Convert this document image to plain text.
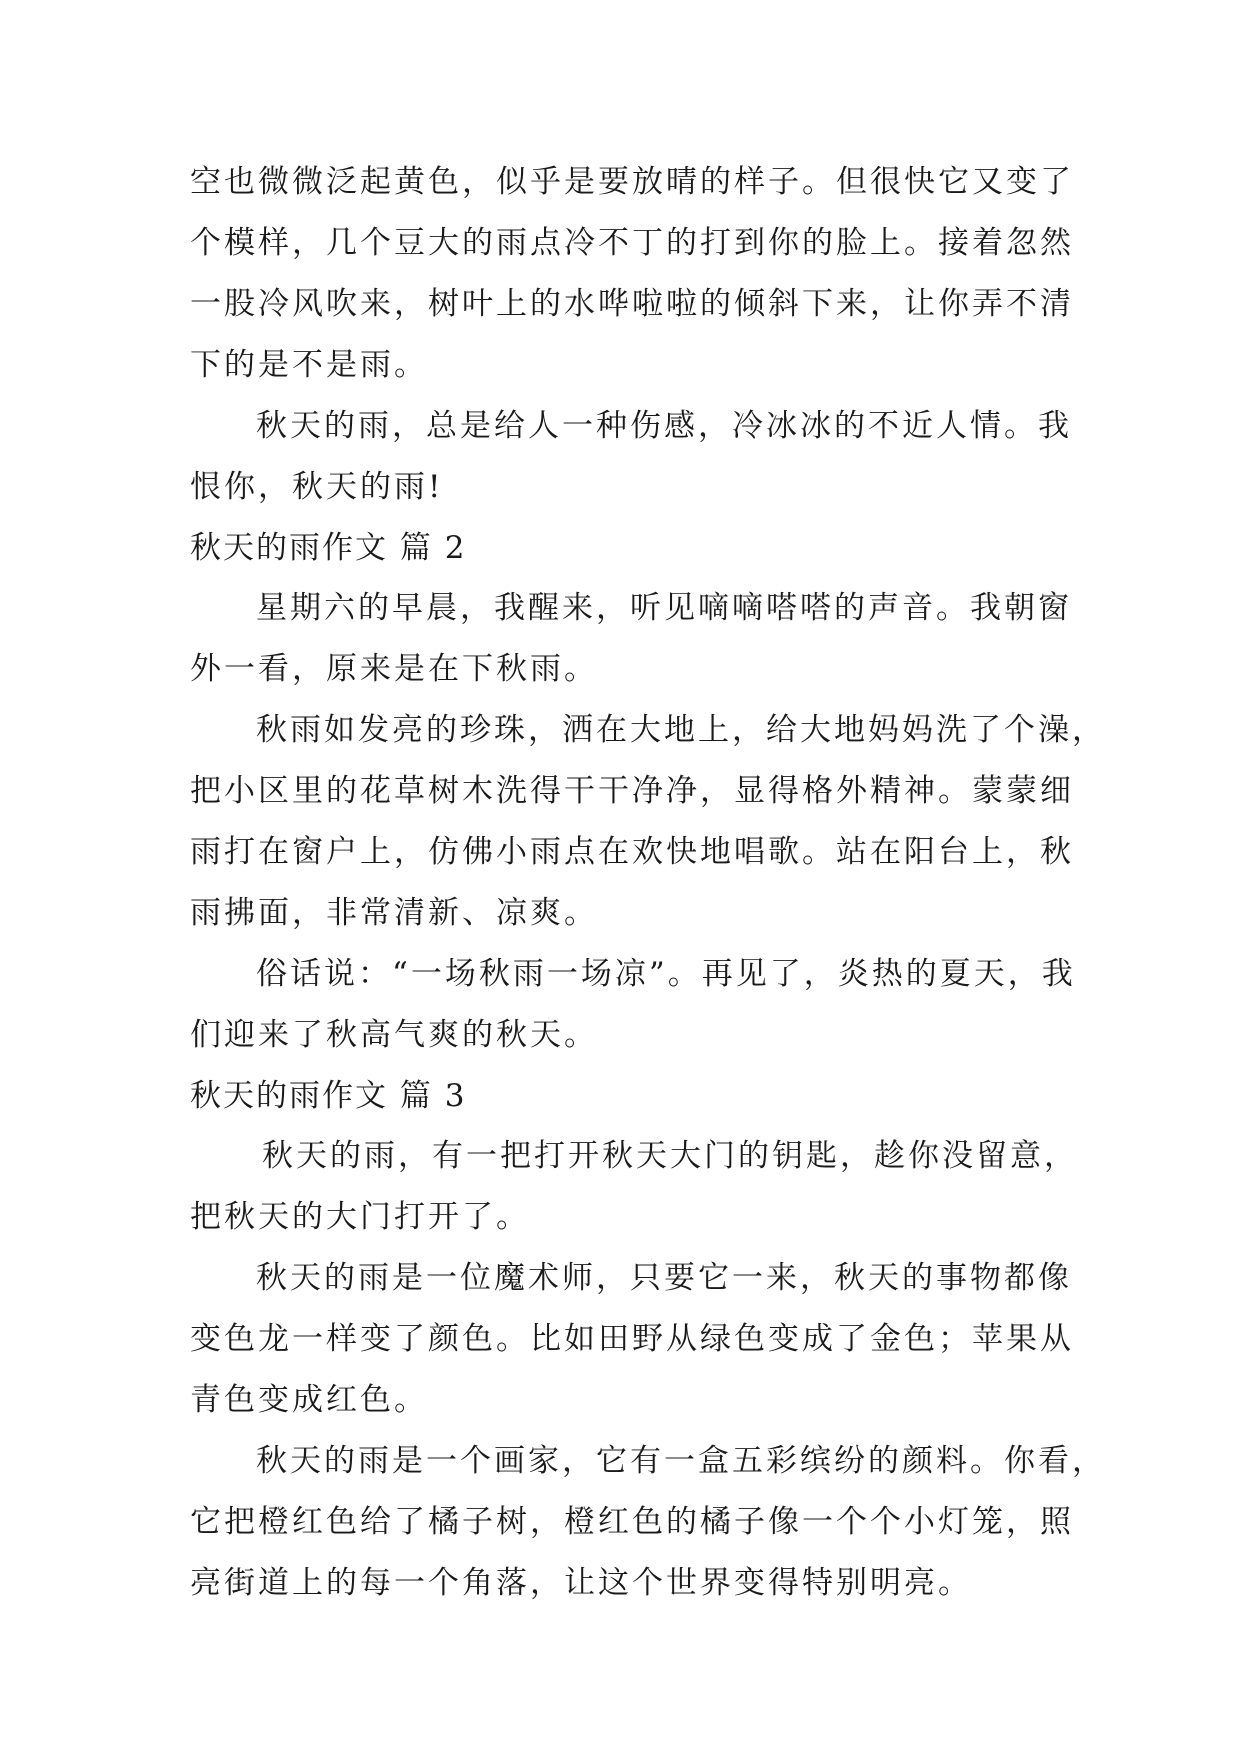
空也微微泛起黄色，似乎是要放晴的样子。但很快它又变了
个模样，几个豆大的雨点冷不丁的打到你的脸上。接着忽然
一股冷风吹来，树叶上的水哗啦啦的倾斜下来，让你弄不清
下的是不是雨。
秋天的雨，总是给人一种伤感，冷冰冰的不近人情。我
恨你，秋天的雨!
秋天的雨作文 篇 2
星期六的早晨，我醒来，听见嘀嘀嗒嗒的声音。我朝窗
外一看，原来是在下秋雨。
秋雨如发亮的珍珠，洒在大地上，给大地妈妈洗了个澡，
把小区里的花草树木洗得干干净净，显得格外精神。蒙蒙细
雨打在窗户上，仿佛小雨点在欢快地唱歌。站在阳台上，秋
雨拂面，非常清新、凉爽。
俗话说：“一场秋雨一场凉”。再见了，炎热的夏天，我
们迎来了秋高气爽的秋天。
秋天的雨作文 篇 3
秋天的雨，有一把打开秋天大门的钥匙，趁你没留意，
把秋天的大门打开了。
秋天的雨是一位魔术师，只要它一来，秋天的事物都像
变色龙一样变了颜色。比如田野从绿色变成了金色；苹果从
青色变成红色。
秋天的雨是一个画家，它有一盒五彩缤纷的颜料。你看，
它把橙红色给了橘子树，橙红色的橘子像一个个小灯笼，照
亮街道上的每一个角落，让这个世界变得特别明亮。
